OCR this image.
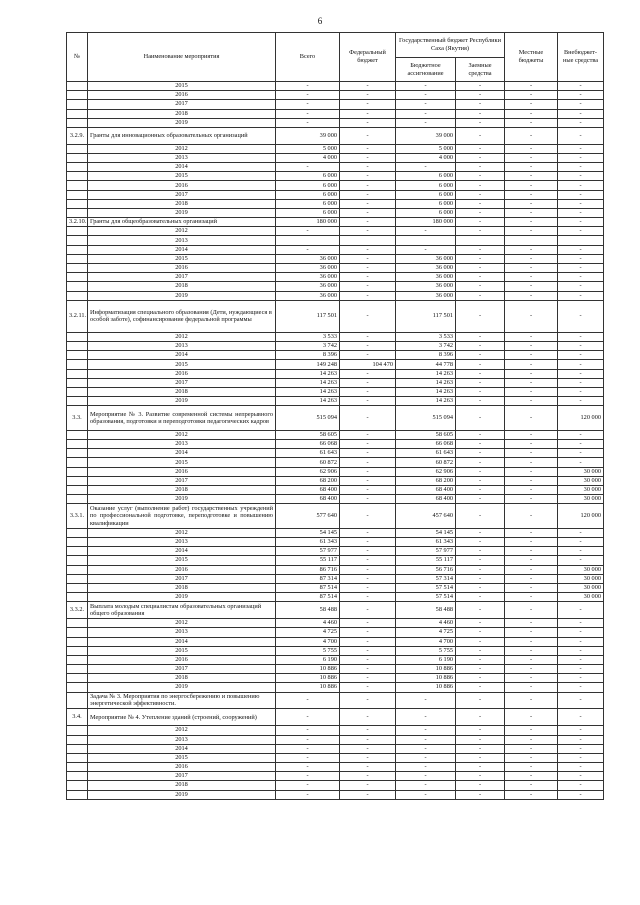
6
№	Наименование мероприятия	Всего	Федеральный бюджет	Государственный бюджет Республики Саха (Якутия)		Местные бюджеты	Внебюджет-ные средства
				Бюджетное ассигнование	Заемные средства		
	2015	-	-	-	-	-	-
	2016	-	-	-	-	-	-
	2017	-	-	-	-	-	-
	2018	-	-	-	-	-	-
	2019	-	-	-	-	-	-
3.2.9.	Гранты для инновационных образовательных организаций	39 000	-	39 000	-	-	-
	2012	5 000	-	5 000	-	-	-
	2013	4 000	-	4 000	-	-	-
	2014	-	-	-	-	-	-
	2015	6 000	-	6 000	-	-	-
	2016	6 000	-	6 000	-	-	-
	2017	6 000	-	6 000	-	-	-
	2018	6 000	-	6 000	-	-	-
	2019	6 000	-	6 000	-	-	-
3.2.10.	Гранты для общеобразовательных организаций	180 000	-	180 000	-	-	-
	2012	-	-	-	-	-	-
	2013						
	2014	-	-	-	-	-	-
	2015	36 000	-	36 000	-	-	-
	2016	36 000	-	36 000	-	-	-
	2017	36 000	-	36 000	-	-	-
	2018	36 000	-	36 000	-	-	-
	2019	36 000	-	36 000	-	-	-
3.2.11.	Информатизация специального образования (Дети, нуждающиеся в особой заботе), софинансирование федеральной программы	117 501	-	117 501	-	-	-
	2012	3 533	-	3 533	-	-	-
	2013	3 742	-	3 742	-	-	-
	2014	8 396	-	8 396	-	-	-
	2015	149 248	104 470	44 778	-	-	-
	2016	14 263	-	14 263	-	-	-
	2017	14 263	-	14 263	-	-	-
	2018	14 263	-	14 263	-	-	-
	2019	14 263	-	14 263	-	-	-
3.3.	Мероприятие № 3. Развитие современной системы непрерывного образования, подготовки и переподготовки педагогических кадров	515 094	-	515 094	-	-	120 000
	2012	58 605	-	58 605	-	-	-
	2013	66 068	-	66 068	-	-	-
	2014	61 643	-	61 643	-	-	-
	2015	60 872	-	60 872	-	-	-
	2016	62 906	-	62 906	-	-	30 000
	2017	68 200	-	68 200	-	-	30 000
	2018	68 400	-	68 400	-	-	30 000
	2019	68 400	-	68 400	-	-	30 000
3.3.1.	Оказание услуг (выполнение работ) государственных учреждений по профессиональной подготовке, переподготовке и повышению квалификации	577 640	-	457 640	-	-	120 000
	2012	54 145	-	54 145	-	-	-
	2013	61 343	-	61 343	-	-	-
	2014	57 977	-	57 977	-	-	-
	2015	55 117	-	55 117	-	-	-
	2016	86 716	-	56 716	-	-	30 000
	2017	87 314	-	57 314	-	-	30 000
	2018	87 514	-	57 514	-	-	30 000
	2019	87 514	-	57 514	-	-	30 000
3.3.2.	Выплата молодым специалистам образовательных организаций общего образования	58 488	-	58 488	-	-	-
	2012	4 460	-	4 460	-	-	-
	2013	4 725	-	4 725	-	-	-
	2014	4 700	-	4 700	-	-	-
	2015	5 755	-	5 755	-	-	-
	2016	6 190	-	6 190	-	-	-
	2017	10 886	-	10 886	-	-	-
	2018	10 886	-	10 886	-	-	-
	2019	10 886	-	10 886	-	-	-
	Задача № 3. Мероприятия по энергосбережению и повышению энергетической эффективности.	-	-	-	-	-	-
3.4.	Мероприятие № 4. Утепление зданий (строений, сооружений)	-	-	-	-	-	-
	2012	-	-	-	-	-	-
	2013	-	-	-	-	-	-
	2014	-	-	-	-	-	-
	2015	-	-	-	-	-	-
	2016	-	-	-	-	-	-
	2017	-	-	-	-	-	-
	2018	-	-	-	-	-	-
	2019	-	-	-	-	-	-
